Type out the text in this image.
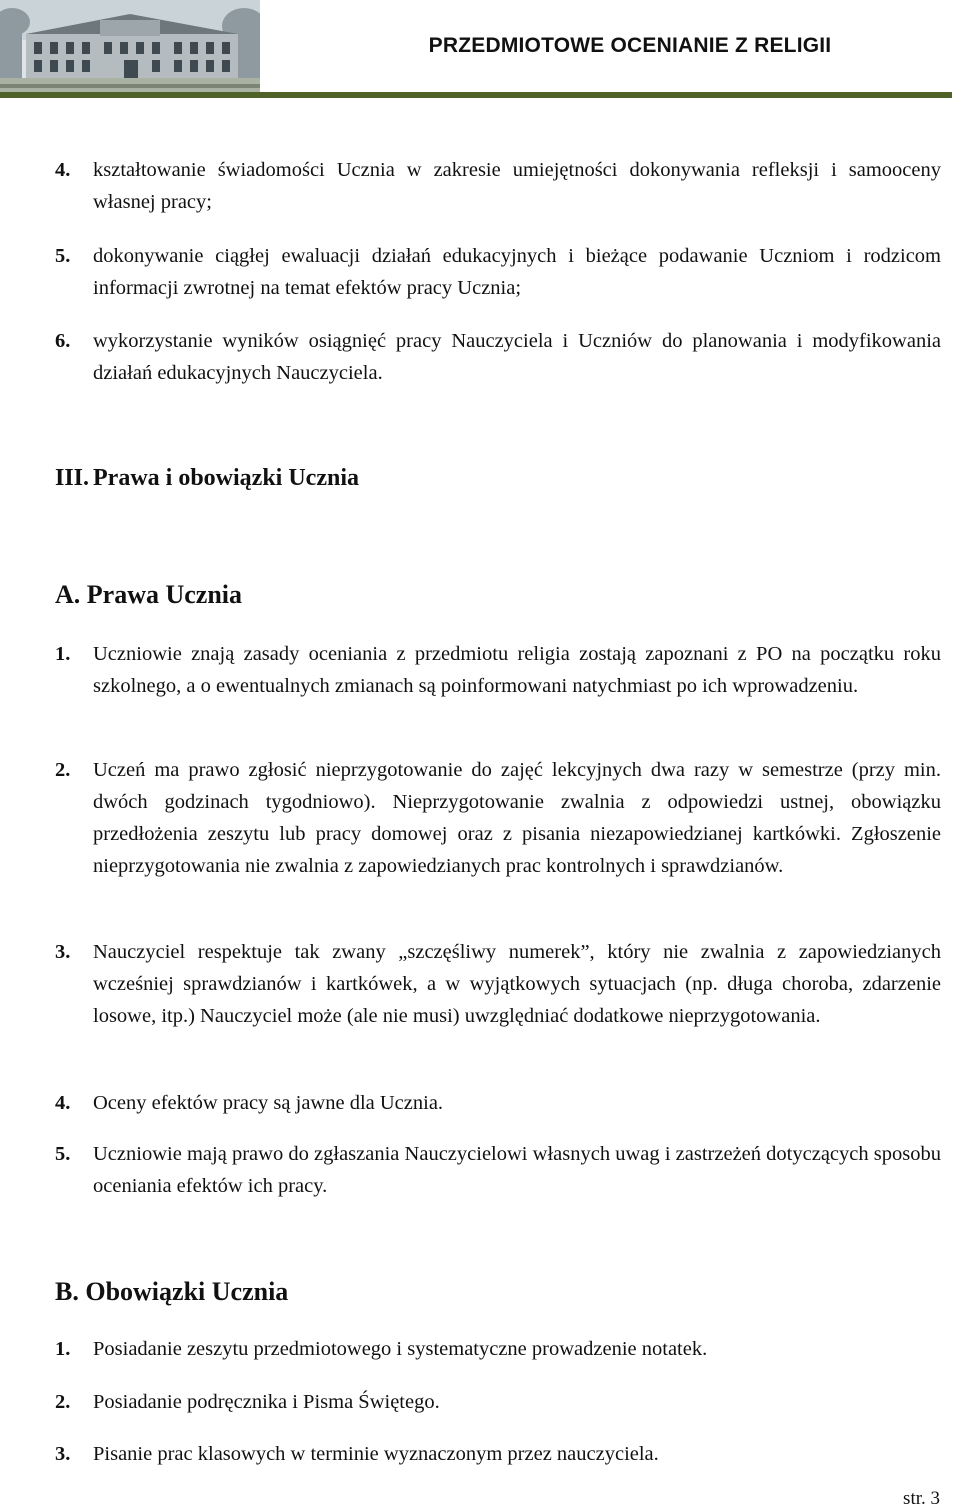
PRZEDMIOTOWE OCENIANIE Z RELIGII
4. kształtowanie świadomości Ucznia w zakresie umiejętności dokonywania refleksji i samooceny własnej pracy;
5. dokonywanie ciągłej ewaluacji działań edukacyjnych i bieżące podawanie Uczniom i rodzicom informacji zwrotnej na temat efektów pracy Ucznia;
6. wykorzystanie wyników osiągnięć pracy Nauczyciela i Uczniów do planowania i modyfikowania działań edukacyjnych Nauczyciela.
III. Prawa i obowiązki Ucznia
A. Prawa Ucznia
1. Uczniowie znają zasady oceniania z przedmiotu religia zostają zapoznani z PO na początku roku szkolnego, a o ewentualnych zmianach są poinformowani natychmiast po ich wprowadzeniu.
2. Uczeń ma prawo zgłosić nieprzygotowanie do zajęć lekcyjnych dwa razy w semestrze (przy min. dwóch godzinach tygodniowo). Nieprzygotowanie zwalnia z odpowiedzi ustnej, obowiązku przedłożenia zeszytu lub pracy domowej oraz z pisania niezapowiedzianej kartkówki. Zgłoszenie nieprzygotowania nie zwalnia z zapowiedzianych prac kontrolnych i sprawdzianów.
3. Nauczyciel respektuje tak zwany „szczęśliwy numerek”, który nie zwalnia z zapowiedzianych wcześniej sprawdzianów i kartkówek, a w wyjątkowych sytuacjach (np. długa choroba, zdarzenie losowe, itp.) Nauczyciel może (ale nie musi) uwzględniać dodatkowe nieprzygotowania.
4. Oceny efektów pracy są jawne dla Ucznia.
5. Uczniowie mają prawo do zgłaszania Nauczycielowi własnych uwag i zastrzeżeń dotyczących sposobu oceniania efektów ich pracy.
B. Obowiązki Ucznia
1. Posiadanie zeszytu przedmiotowego i systematyczne prowadzenie notatek.
2. Posiadanie podręcznika i Pisma Świętego.
3. Pisanie prac klasowych w terminie wyznaczonym przez nauczyciela.
str. 3
